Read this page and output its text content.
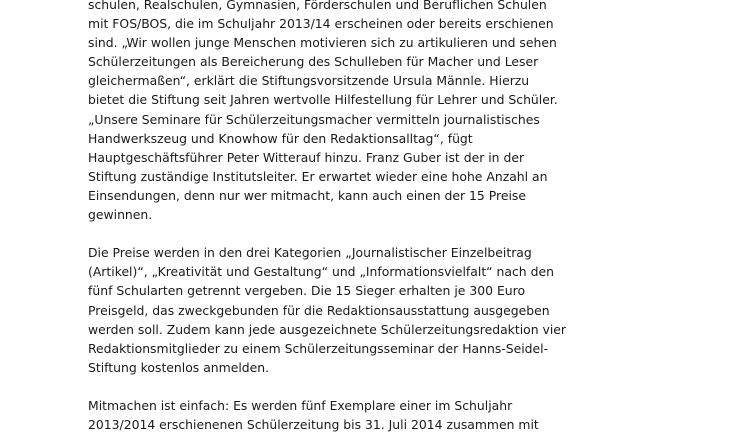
schulen, Realschulen, Gymnasien, Förderschulen und Beruflichen Schulen
mit FOS/BOS, die im Schuljahr 2013/14 erscheinen oder bereits erschienen
sind. „Wir wollen junge Menschen motivieren sich zu artikulieren und sehen
Schülerzeitungen als Bereicherung des Schulleben für Macher und Leser
gleichermaßen“, erklärt die Stiftungsvorsitzende Ursula Männle. Hierzu
bietet die Stiftung seit Jahren wertvolle Hilfestellung für Lehrer und Schüler.
„Unsere Seminare für Schülerzeitungsmacher vermitteln journalistisches
Handwerkszeug und Knowhow für den Redaktionsalltag“, fügt
Hauptgeschäftsführer Peter Witterauf hinzu. Franz Guber ist der in der
Stiftung zuständige Institutsleiter. Er erwartet wieder eine hohe Anzahl an
Einsendungen, denn nur wer mitmacht, kann auch einen der 15 Preise
gewinnen.

Die Preise werden in den drei Kategorien „Journalistischer Einzelbeitrag
(Artikel)“, „Kreativität und Gestaltung“ und „Informationsvielfalt“ nach den
fünf Schularten getrennt vergeben. Die 15 Sieger erhalten je 300 Euro
Preisgeld, das zweckgebunden für die Redaktionsausstattung ausgegeben
werden soll. Zudem kann jede ausgezeichnete Schülerzeitungsredaktion vier
Redaktionsmitglieder zu einem Schülerzeitungsseminar der Hanns-Seidel-
Stiftung kostenlos anmelden.

Mitmachen ist einfach: Es werden fünf Exemplare einer im Schuljahr
2013/2014 erschienenen Schülerzeitung bis 31. Juli 2014 zusammen mit
